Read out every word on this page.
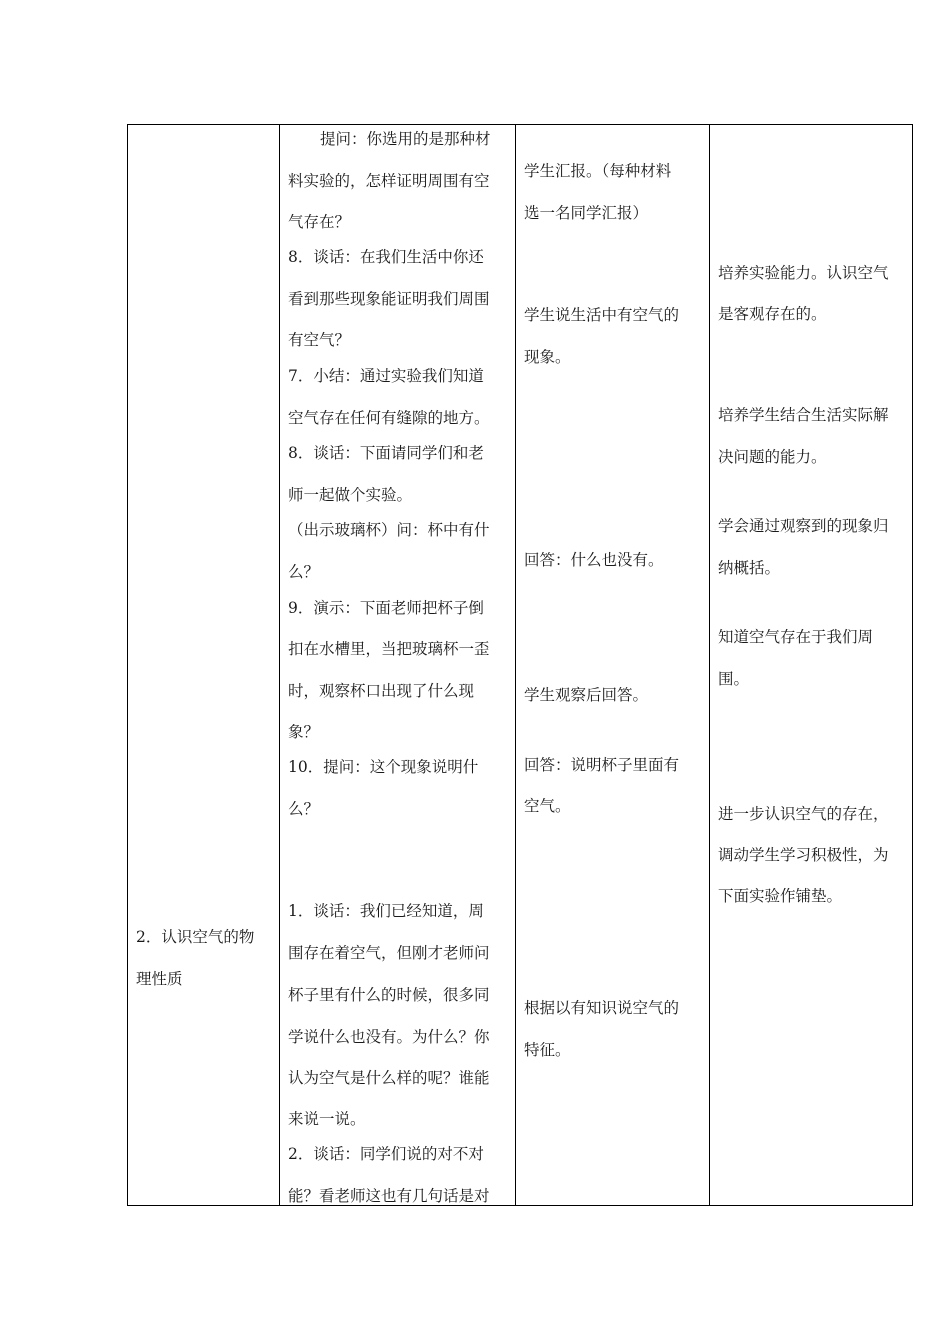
2．认识空气的物
理性质
提问：你选用的是那种材
料实验的，怎样证明周围有空
气存在？
8．谈话：在我们生活中你还
看到那些现象能证明我们周围
有空气？
7．小结：通过实验我们知道
空气存在任何有缝隙的地方。
8．谈话：下面请同学们和老
师一起做个实验。
（出示玻璃杯）问：杯中有什
么？
9．演示：下面老师把杯子倒
扣在水槽里，当把玻璃杯一歪
时，观察杯口出现了什么现
象？
10．提问：这个现象说明什
么？
1．谈话：我们已经知道，周
围存在着空气，但刚才老师问
杯子里有什么的时候，很多同
学说什么也没有。为什么？你
认为空气是什么样的呢？谁能
来说一说。
2．谈话：同学们说的对不对
能？看老师这也有几句话是对
学生汇报。（每种材料
选一名同学汇报）
学生说生活中有空气的
现象。
回答：什么也没有。
学生观察后回答。
回答：说明杯子里面有
空气。
根据以有知识说空气的
特征。
培养实验能力。认识空气
是客观存在的。
培养学生结合生活实际解
决问题的能力。
学会通过观察到的现象归
纳概括。
知道空气存在于我们周
围。
进一步认识空气的存在，
调动学生学习积极性，为
下面实验作铺垫。
